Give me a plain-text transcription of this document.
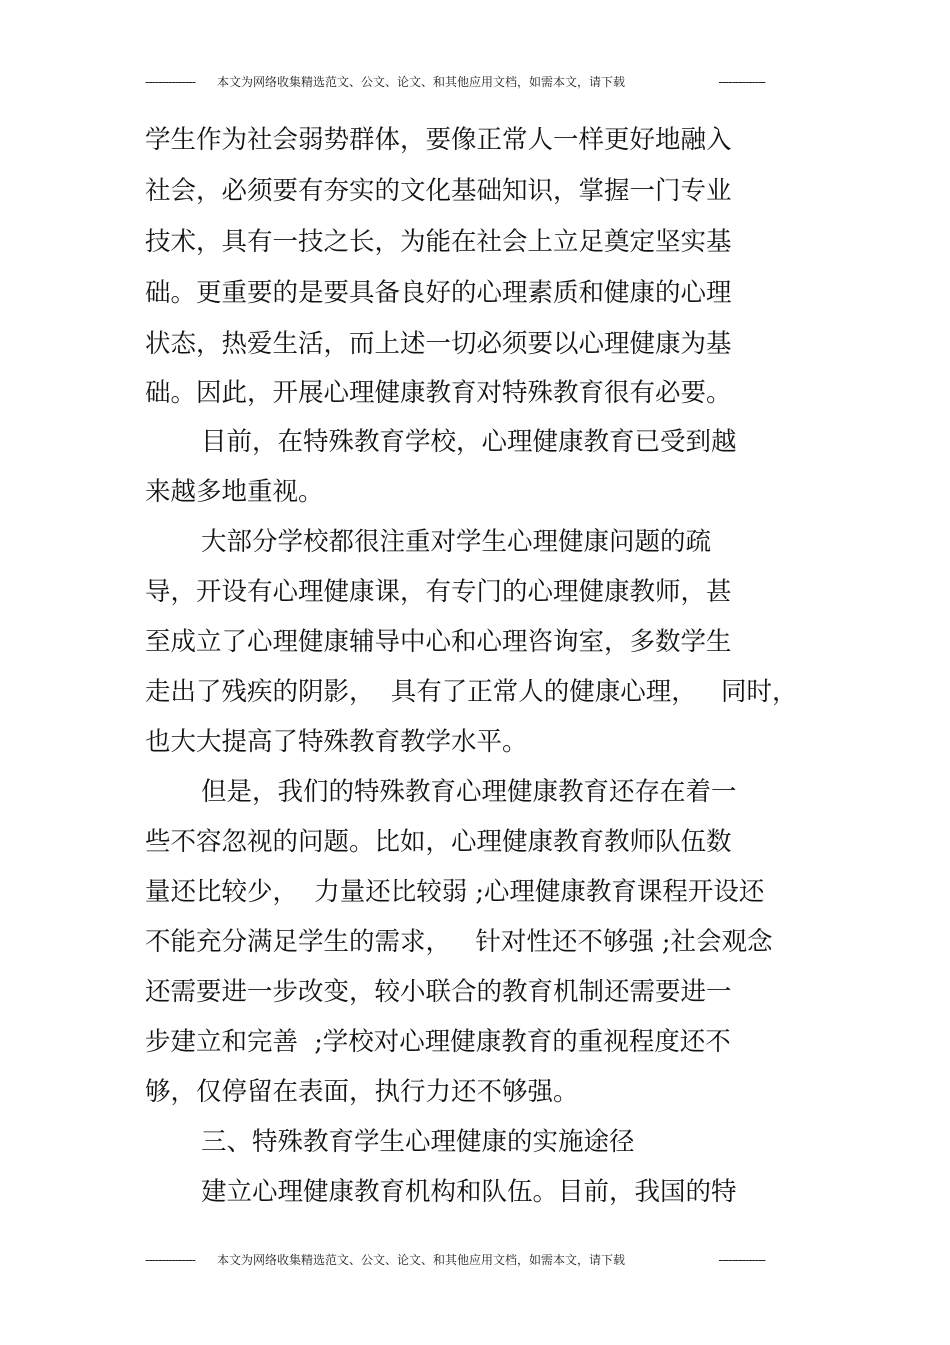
--------------- 本文为网络收集精选范文、公文、论文、和其他应用文档，如需本文，请下载	--------------
学生作为社会弱势群体，要像正常人一样更好地融入
社会，必须要有夯实的文化基础知识，掌握一门专业
技术，具有一技之长，为能在社会上立足奠定坚实基
础。更重要的是要具备良好的心理素质和健康的心理
状态，热爱生活，而上述一切必须要以心理健康为基
础。因此，开展心理健康教育对特殊教育很有必要。
目前，在特殊教育学校，心理健康教育已受到越
来越多地重视。
大部分学校都很注重对学生心理健康问题的疏
导，开设有心理健康课，有专门的心理健康教师，甚
至成立了心理健康辅导中心和心理咨询室，多数学生
走出了残疾的阴影，  具有了正常人的健康心理，   同时，
也大大提高了特殊教育教学水平。
但是，我们的特殊教育心理健康教育还存在着一
些不容忽视的问题。比如，心理健康教育教师队伍数
量还比较少，  力量还比较弱 ;心理健康教育课程开设还
不能充分满足学生的需求，   针对性还不够强 ;社会观念
还需要进一步改变，较小联合的教育机制还需要进一
步建立和完善  ;学校对心理健康教育的重视程度还不
够，仅停留在表面，执行力还不够强。
三、特殊教育学生心理健康的实施途径
建立心理健康教育机构和队伍。目前，我国的特
--------------- 本文为网络收集精选范文、公文、论文、和其他应用文档，如需本文，请下载	--------------
